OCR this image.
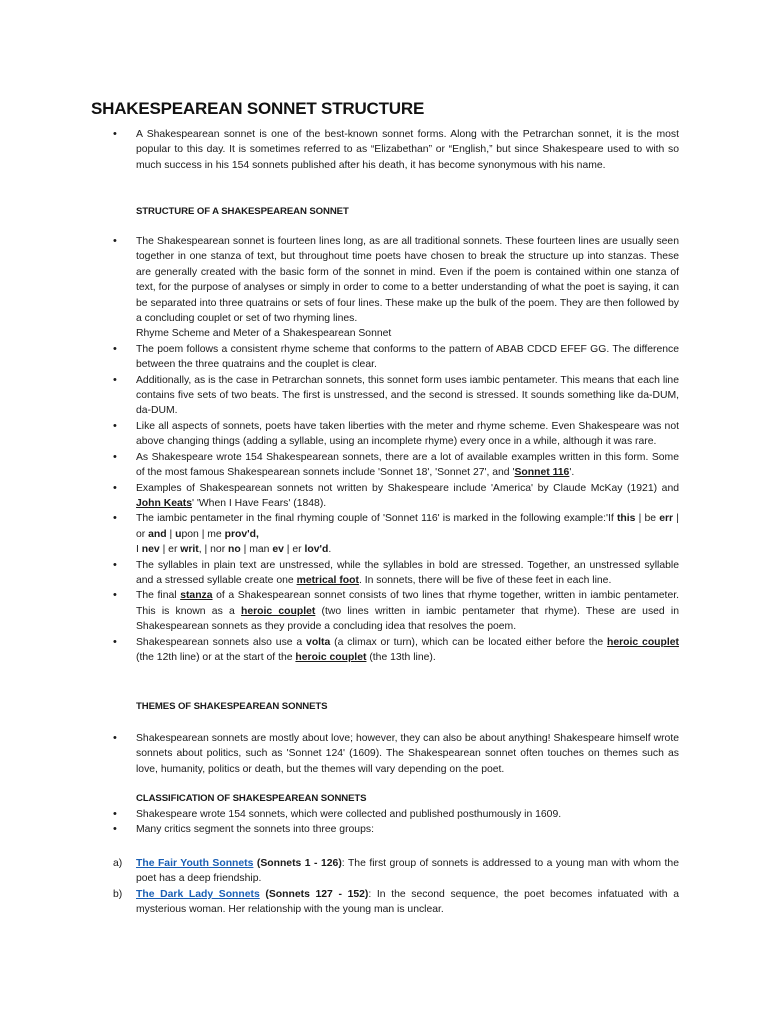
SHAKESPEAREAN SONNET STRUCTURE
• A Shakespearean sonnet is one of the best-known sonnet forms. Along with the Petrarchan sonnet, it is the most popular to this day. It is sometimes referred to as “Elizabethan” or “English,” but since Shakespeare used to with so much success in his 154 sonnets published after his death, it has become synonymous with his name.
STRUCTURE OF A SHAKESPEAREAN SONNET
• The Shakespearean sonnet is fourteen lines long, as are all traditional sonnets. These fourteen lines are usually seen together in one stanza of text, but throughout time poets have chosen to break the structure up into stanzas. These are generally created with the basic form of the sonnet in mind. Even if the poem is contained within one stanza of text, for the purpose of analyses or simply in order to come to a better understanding of what the poet is saying, it can be separated into three quatrains or sets of four lines. These make up the bulk of the poem. They are then followed by a concluding couplet or set of two rhyming lines.
Rhyme Scheme and Meter of a Shakespearean Sonnet
• The poem follows a consistent rhyme scheme that conforms to the pattern of ABAB CDCD EFEF GG. The difference between the three quatrains and the couplet is clear.
• Additionally, as is the case in Petrarchan sonnets, this sonnet form uses iambic pentameter. This means that each line contains five sets of two beats. The first is unstressed, and the second is stressed. It sounds something like da-DUM, da-DUM.
• Like all aspects of sonnets, poets have taken liberties with the meter and rhyme scheme. Even Shakespeare was not above changing things (adding a syllable, using an incomplete rhyme) every once in a while, although it was rare.
• As Shakespeare wrote 154 Shakespearean sonnets, there are a lot of available examples written in this form. Some of the most famous Shakespearean sonnets include 'Sonnet 18', 'Sonnet 27', and 'Sonnet 116'.
• Examples of Shakespearean sonnets not written by Shakespeare include 'America' by Claude McKay (1921) and John Keats' 'When I Have Fears' (1848).
• The iambic pentameter in the final rhyming couple of 'Sonnet 116' is marked in the following example:'If this | be err | or and | upon | me prov'd,
I nev | er writ, | nor no | man ev | er lov'd.
• The syllables in plain text are unstressed, while the syllables in bold are stressed. Together, an unstressed syllable and a stressed syllable create one metrical foot. In sonnets, there will be five of these feet in each line.
• The final stanza of a Shakespearean sonnet consists of two lines that rhyme together, written in iambic pentameter. This is known as a heroic couplet (two lines written in iambic pentameter that rhyme). These are used in Shakespearean sonnets as they provide a concluding idea that resolves the poem.
• Shakespearean sonnets also use a volta (a climax or turn), which can be located either before the heroic couplet (the 12th line) or at the start of the heroic couplet (the 13th line).
THEMES OF SHAKESPEAREAN SONNETS
• Shakespearean sonnets are mostly about love; however, they can also be about anything! Shakespeare himself wrote sonnets about politics, such as 'Sonnet 124' (1609). The Shakespearean sonnet often touches on themes such as love, humanity, politics or death, but the themes will vary depending on the poet.
CLASSIFICATION OF SHAKESPEAREAN SONNETS
• Shakespeare wrote 154 sonnets, which were collected and published posthumously in 1609.
• Many critics segment the sonnets into three groups:
a) The Fair Youth Sonnets (Sonnets 1 - 126): The first group of sonnets is addressed to a young man with whom the poet has a deep friendship.
b) The Dark Lady Sonnets (Sonnets 127 - 152): In the second sequence, the poet becomes infatuated with a mysterious woman. Her relationship with the young man is unclear.
